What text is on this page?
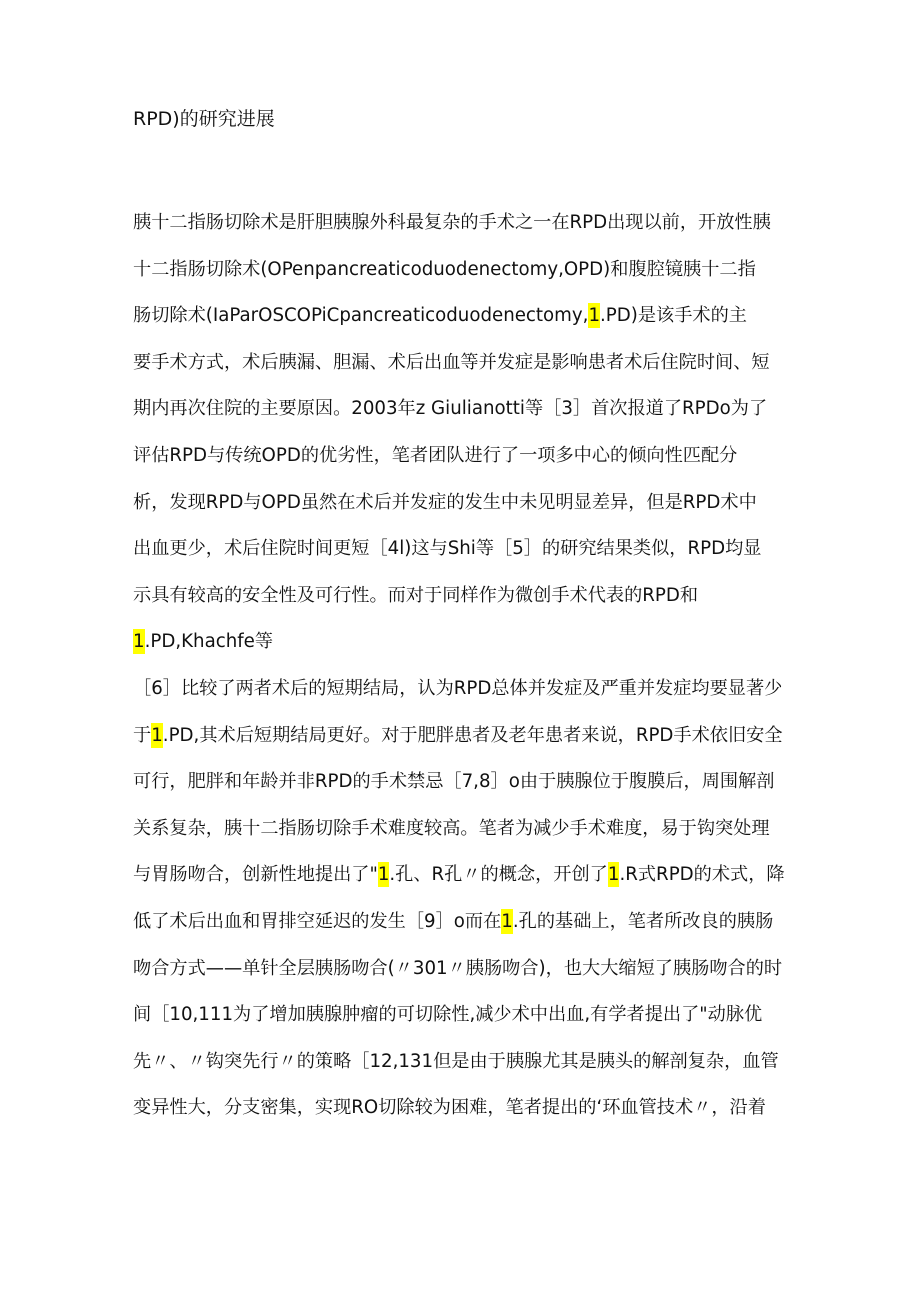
RPD)的研究进展
胰十二指肠切除术是肝胆胰腺外科最复杂的手术之一在RPD出现以前，开放性胰
十二指肠切除术(OPenpancreaticoduodenectomy,OPD)和腹腔镜胰十二指
肠切除术(IaParOSCOPiCpancreaticoduodenectomy,1.PD)是该手术的主
要手术方式，术后胰漏、胆漏、术后出血等并发症是影响患者术后住院时间、短
期内再次住院的主要原因。2003年z Giulianotti等［3］首次报道了RPDo为了
评估RPD与传统OPD的优劣性，笔者团队进行了一项多中心的倾向性匹配分
析，发现RPD与OPD虽然在术后并发症的发生中未见明显差异，但是RPD术中
出血更少，术后住院时间更短［4l)这与Shi等［5］的研究结果类似，RPD均显
示具有较高的安全性及可行性。而对于同样作为微创手术代表的RPD和
1.PD,Khachfe等
［6］比较了两者术后的短期结局，认为RPD总体并发症及严重并发症均要显著少
于1.PD,其术后短期结局更好。对于肥胖患者及老年患者来说，RPD手术依旧安全
可行，肥胖和年龄并非RPD的手术禁忌［7,8］o由于胰腺位于腹膜后，周围解剖
关系复杂，胰十二指肠切除手术难度较高。笔者为减少手术难度，易于钩突处理
与胃肠吻合，创新性地提出了"1.孔、R孔〃的概念，开创了1.R式RPD的术式，降
低了术后出血和胃排空延迟的发生［9］o而在1.孔的基础上，笔者所改良的胰肠
吻合方式——单针全层胰肠吻合(〃301〃胰肠吻合)，也大大缩短了胰肠吻合的时
间［10,111为了增加胰腺肿瘤的可切除性,减少术中出血,有学者提出了"动脉优
先〃、〃钩突先行〃的策略［12,131但是由于胰腺尤其是胰头的解剖复杂，血管
变异性大，分支密集，实现RO切除较为困难，笔者提出的‘环血管技术〃，沿着
